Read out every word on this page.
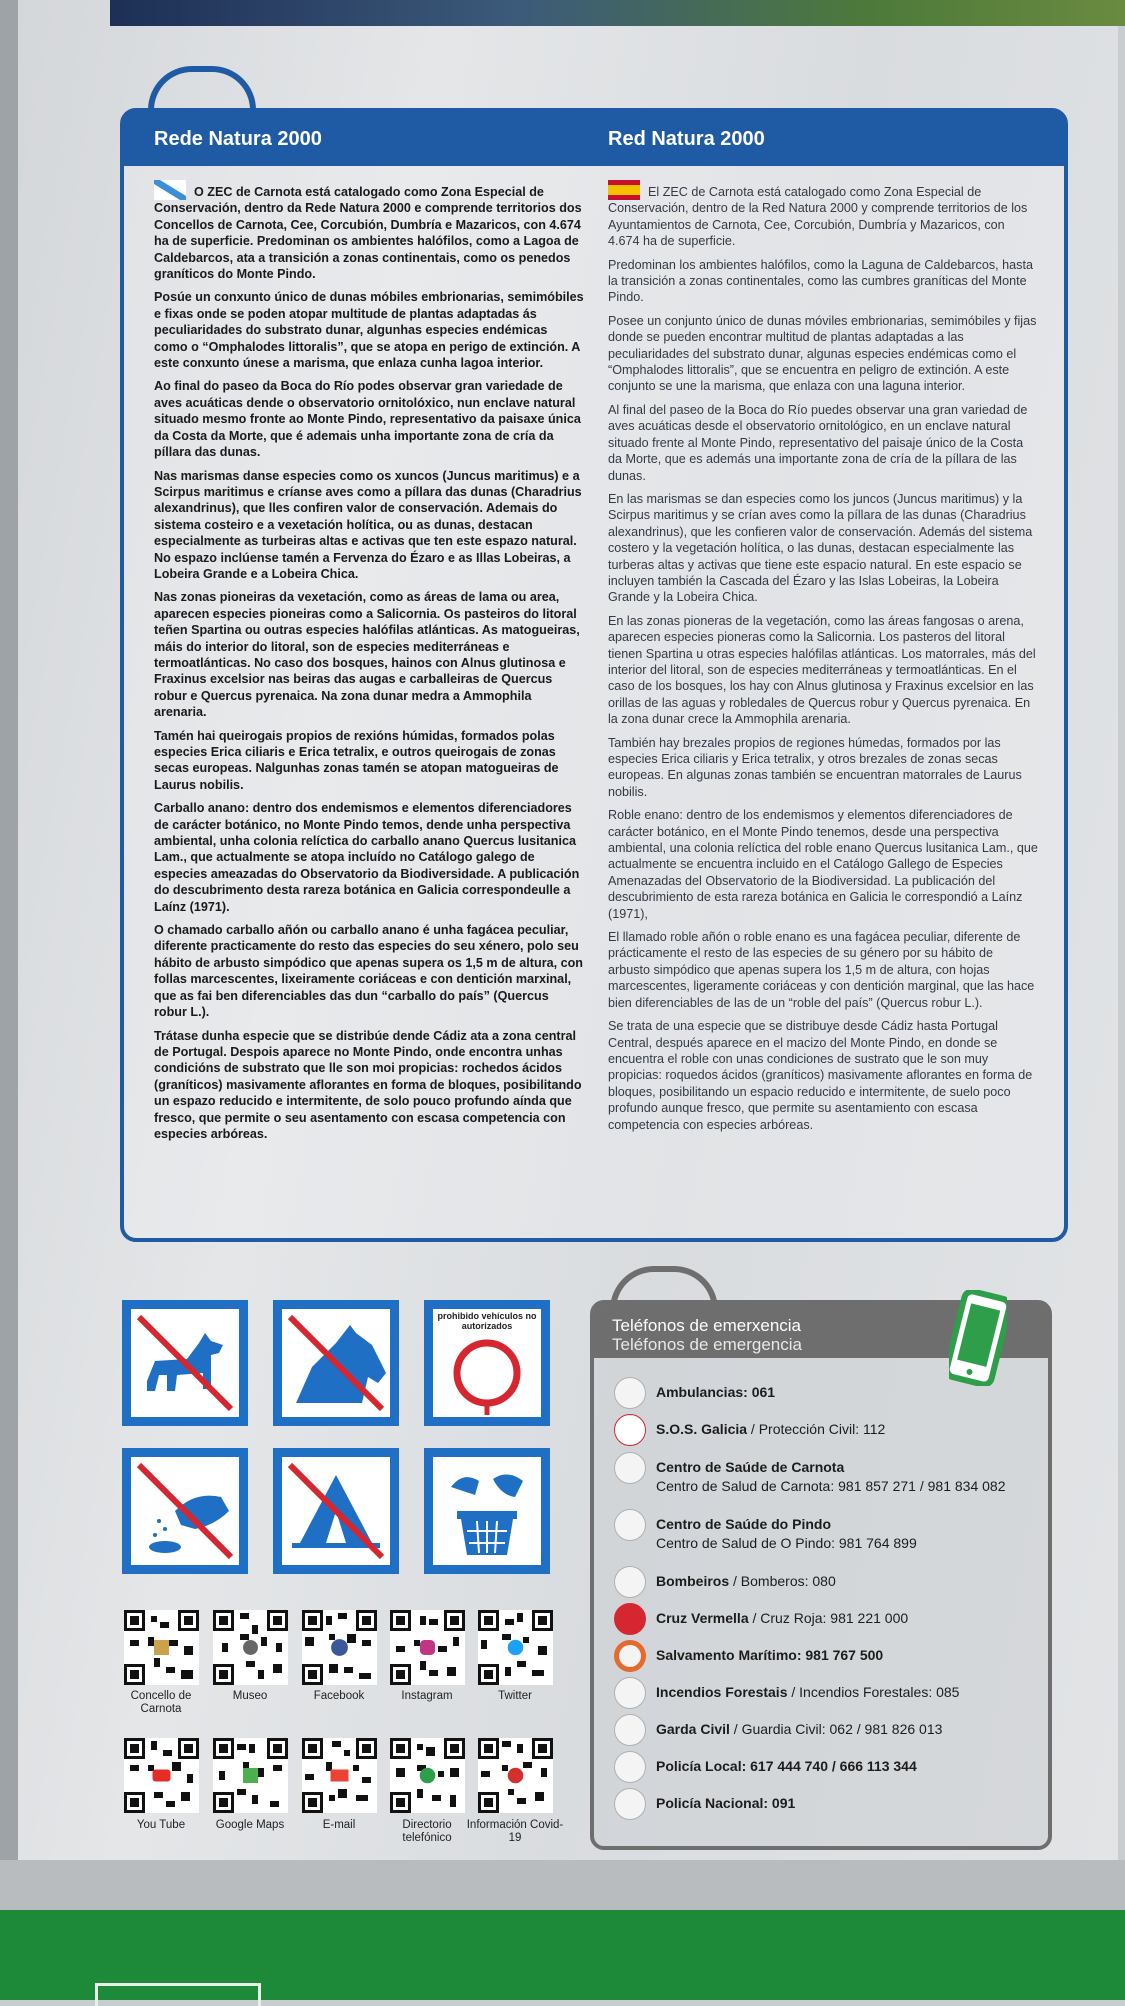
Rede Natura 2000	Red Natura 2000

O ZEC de Carnota está catalogado como Zona Especial de Conservación, dentro da Rede Natura 2000 e comprende territorios dos Concellos de Carnota, Cee, Corcubión, Dumbría e Mazaricos, con 4.674 ha de superficie. Predominan os ambientes halófilos, como a Lagoa de Caldebarcos, ata a transición a zonas continentais, como os penedos graníticos do Monte Pindo.

Posúe un conxunto único de dunas móbiles embrionarias, semimóbiles e fixas onde se poden atopar multitude de plantas adaptadas ás peculiaridades do substrato dunar, algunhas especies endémicas como o “Omphalodes littoralis”, que se atopa en perigo de extinción. A este conxunto únese a marisma, que enlaza cunha lagoa interior.

Ao final do paseo da Boca do Río podes observar gran variedade de aves acuáticas dende o observatorio ornitolóxico, nun enclave natural situado mesmo fronte ao Monte Pindo, representativo da paisaxe única da Costa da Morte, que é ademais unha importante zona de cría da píllara das dunas.

Nas marismas danse especies como os xuncos (Juncus maritimus) e a Scirpus maritimus e críanse aves como a píllara das dunas (Charadrius alexandrinus), que lles confiren valor de conservación. Ademais do sistema costeiro e a vexetación holítica, ou as dunas, destacan especialmente as turbeiras altas e activas que ten este espazo natural. No espazo inclúense tamén a Fervenza do Ézaro e as Illas Lobeiras, a Lobeira Grande e a Lobeira Chica.

Nas zonas pioneiras da vexetación, como as áreas de lama ou area, aparecen especies pioneiras como a Salicornia. Os pasteiros do litoral teñen Spartina ou outras especies halófilas atlánticas. As matogueiras, máis do interior do litoral, son de especies mediterráneas e termoatlánticas. No caso dos bosques, hainos con Alnus glutinosa e Fraxinus excelsior nas beiras das augas e carballeiras de Quercus robur e Quercus pyrenaica. Na zona dunar medra a Ammophila arenaria.

Tamén hai queirogais propios de rexións húmidas, formados polas especies Erica ciliaris e Erica tetralix, e outros queirogais de zonas secas europeas. Nalgunhas zonas tamén se atopan matogueiras de Laurus nobilis.

Carballo anano: dentro dos endemismos e elementos diferenciadores de carácter botánico, no Monte Pindo temos, dende unha perspectiva ambiental, unha colonia relíctica do carballo anano Quercus lusitanica Lam., que actualmente se atopa incluído no Catálogo galego de especies ameazadas do Observatorio da Biodiversidade. A publicación do descubrimento desta rareza botánica en Galicia correspondeulle a Laínz (1971).

O chamado carballo añón ou carballo anano é unha fagácea peculiar, diferente practicamente do resto das especies do seu xénero, polo seu hábito de arbusto simpódico que apenas supera os 1,5 m de altura, con follas marcescentes, lixeiramente coriáceas e con dentición marxinal, que as fai ben diferenciables das dun “carballo do país” (Quercus robur L.).

Trátase dunha especie que se distribúe dende Cádiz ata a zona central de Portugal. Despois aparece no Monte Pindo, onde encontra unhas condicións de substrato que lle son moi propicias: rochedos ácidos (graníticos) masivamente aflorantes en forma de bloques, posibilitando un espazo reducido e intermitente, de solo pouco profundo aínda que fresco, que permite o seu asentamento con escasa competencia con especies arbóreas.

El ZEC de Carnota está catalogado como Zona Especial de Conservación, dentro de la Red Natura 2000 y comprende territorios de los Ayuntamientos de Carnota, Cee, Corcubión, Dumbría y Mazaricos, con 4.674 ha de superficie.

Predominan los ambientes halófilos, como la Laguna de Caldebarcos, hasta la transición a zonas continentales, como las cumbres graníticas del Monte Pindo.

Posee un conjunto único de dunas móviles embrionarias, semimóbiles y fijas donde se pueden encontrar multitud de plantas adaptadas a las peculiaridades del substrato dunar, algunas especies endémicas como el “Omphalodes littoralis”, que se encuentra en peligro de extinción. A este conjunto se une la marisma, que enlaza con una laguna interior.

Al final del paseo de la Boca do Río puedes observar una gran variedad de aves acuáticas desde el observatorio ornitológico, en un enclave natural situado frente al Monte Pindo, representativo del paisaje único de la Costa da Morte, que es además una importante zona de cría de la píllara de las dunas.

En las marismas se dan especies como los juncos (Juncus maritimus) y la Scirpus maritimus y se crían aves como la píllara de las dunas (Charadrius alexandrinus), que les confieren valor de conservación. Además del sistema costero y la vegetación holítica, o las dunas, destacan especialmente las turberas altas y activas que tiene este espacio natural. En este espacio se incluyen también la Cascada del Ézaro y las Islas Lobeiras, la Lobeira Grande y la Lobeira Chica.

En las zonas pioneras de la vegetación, como las áreas fangosas o arena, aparecen especies pioneras como la Salicornia. Los pasteros del litoral tienen Spartina u otras especies halófilas atlánticas. Los matorrales, más del interior del litoral, son de especies mediterráneas y termoatlánticas. En el caso de los bosques, los hay con Alnus glutinosa y Fraxinus excelsior en las orillas de las aguas y robledales de Quercus robur y Quercus pyrenaica. En la zona dunar crece la Ammophila arenaria.

También hay brezales propios de regiones húmedas, formados por las especies Erica ciliaris y Erica tetralix, y otros brezales de zonas secas europeas. En algunas zonas también se encuentran matorrales de Laurus nobilis.

Roble enano: dentro de los endemismos y elementos diferenciadores de carácter botánico, en el Monte Pindo tenemos, desde una perspectiva ambiental, una colonia relíctica del roble enano Quercus lusitanica Lam., que actualmente se encuentra incluido en el Catálogo Gallego de Especies Amenazadas del Observatorio de la Biodiversidad. La publicación del descubrimiento de esta rareza botánica en Galicia le correspondió a Laínz (1971),

El llamado roble añón o roble enano es una fagácea peculiar, diferente de prácticamente el resto de las especies de su género por su hábito de arbusto simpódico que apenas supera los 1,5 m de altura, con hojas marcescentes, ligeramente coriáceas y con dentición marginal, que las hace bien diferenciables de las de un “roble del país” (Quercus robur L.).

Se trata de una especie que se distribuye desde Cádiz hasta Portugal Central, después aparece en el macizo del Monte Pindo, en donde se encuentra el roble con unas condiciones de sustrato que le son muy propicias: roquedos ácidos (graníticos) masivamente aflorantes en forma de bloques, posibilitando un espacio reducido e intermitente, de suelo poco profundo aunque fresco, que permite su asentamiento con escasa competencia con especies arbóreas.

prohibido vehículos no autorizados
Concello de Carnota
Museo	Facebook	Instagram	Twitter
You Tube	Google Maps	E-mail	Directorio telefónico
Información Covid-19
Teléfonos de emerxencia
Teléfonos de emergencia
Ambulancias: 061
S.O.S. Galicia / Protección Civil: 112
Centro de Saúde de Carnota
Centro de Salud de Carnota: 981 857 271 / 981 834 082
Centro de Saúde do Pindo
Centro de Salud de O Pindo: 981 764 899
Bombeiros / Bomberos: 080
Cruz Vermella / Cruz Roja: 981 221 000
Salvamento Marítimo: 981 767 500
Incendios Forestais / Incendios Forestales: 085
Garda Civil / Guardia Civil: 062 / 981 826 013
Policía Local: 617 444 740 / 666 113 344
Policía Nacional: 091
